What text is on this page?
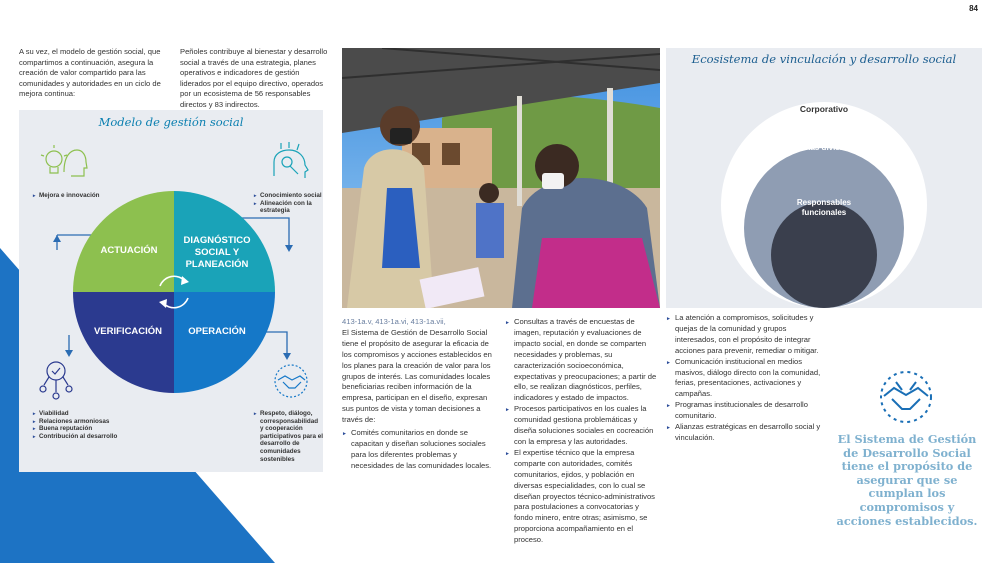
84

A su vez, el modelo de gestión social, que compartimos a continuación, asegura la creación de valor compartido para las comunidades y autoridades en un ciclo de mejora continua:

Peñoles contribuye al bienestar y desarrollo social a través de una estrategia, planes operativos e indicadores de gestión liderados por el equipo directivo, operados por un ecosistema de 56 responsables directos y 83 indirectos.

Modelo de gestión social
ACTUACIÓN
DIAGNÓSTICO
SOCIAL Y
PLANEACIÓN
VERIFICACIÓN	OPERACIÓN
► Mejora e innovación
►	Conocimiento social
► Alineación con la estrategia
► Viabilidad
► Relaciones armoniosas
► Buena reputación
► Contribución al desarrollo
► Respeto, diálogo, corresponsabilidad y cooperación participativos para el desarrollo de comunidades sostenibles
Ecosistema de vinculación y desarrollo social
Corporativo
Gerencias divisionales
Responsables funcionales
413-1a.v, 413-1a.vi, 413-1a.vii,

El Sistema de Gestión de Desarrollo Social tiene el propósito de asegurar la eficacia de los compromisos y acciones establecidos en los planes para la creación de valor para los grupos de interés. Las comunidades locales beneficiarias reciben información de la empresa, participan en el diseño, expresan sus puntos de vista y toman decisiones a través de:

► Comités comunitarios en donde se capacitan y diseñan soluciones sociales para los diferentes problemas y necesidades de las comunidades locales.
► Consultas a través de encuestas de imagen, reputación y evaluaciones de impacto social, en donde se comparten necesidades y problemas, su caracterización socioeconómica, expectativas y preocupaciones; a partir de ello, se realizan diagnósticos, perfiles, indicadores y estado de impactos.
► Procesos participativos en los cuales la comunidad gestiona problemáticas y diseña soluciones sociales en cocreación con la empresa y las autoridades.
► El expertise técnico que la empresa comparte con autoridades, comités comunitarios, ejidos, y población en diversas especialidades, con lo cual se diseñan proyectos técnico-administrativos para postulaciones a convocatorias y fondo minero, entre otras; asimismo, se proporciona acompañamiento en el proceso.
► La atención a compromisos, solicitudes y quejas de la comunidad y grupos interesados, con el propósito de integrar acciones para prevenir, remediar o mitigar.
► Comunicación institucional en medios masivos, diálogo directo con la comunidad, ferias, presentaciones, activaciones y campañas.
► Programas institucionales de desarrollo comunitario.
► Alianzas estratégicas en desarrollo social y vinculación.	El Sistema de Gestión de Desarrollo Social tiene el propósito de asegurar que se cumplan los compromisos y acciones establecidos.
